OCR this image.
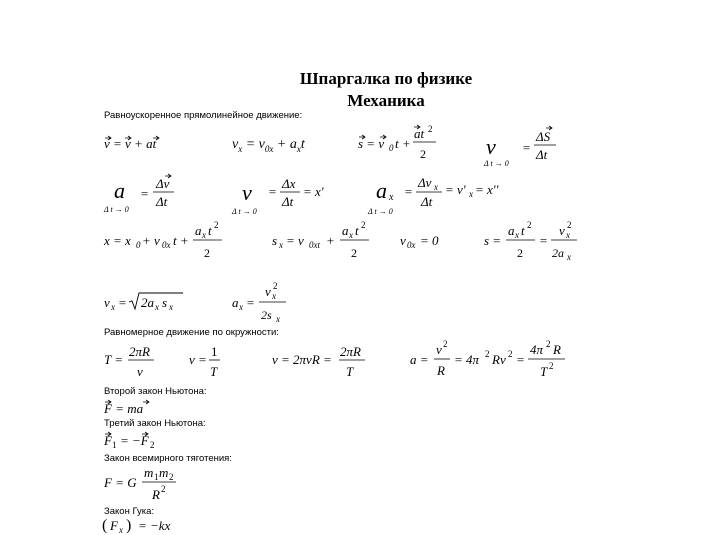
Шпаргалка по физике
Механика
Равноускоренное прямолинейное движение:
v = v + at	$v_x = v_{0x} + a_xt$	s = v 0 t +
at 2
2	v
Δ t → 0
=
ΔS
Δt
a
Δ t → 0
=
Δv
Δt	v
Δ t → 0
=
Δx
Δt
= x' a x
Δ t → 0
=
Δv x
Δt
= v' x = x''
x = x 0 + v 0x t +
a x t 2
2
s x = v 0xt +
a x t 2
2
v 0x = 0	s =
a x t 2
2
=
v x
2
2a x
v x = 2a x s x	a x =
v x
2
2s x
Равномерное движение по окружности:
T =
2πR
v
ν =
1
T
v = 2πνR =
2πR
T
a =
v 2
R
= 4π 2 Rν 2 =
4π 2 R
T 2
Второй закон Ньютона:
F = ma
Третий закон Ньютона:
F 1 = −F 2
Закон всемирного тяготения:
F = G
m 1 m 2
R 2
Закон Гука:
( F x ) = −kx
